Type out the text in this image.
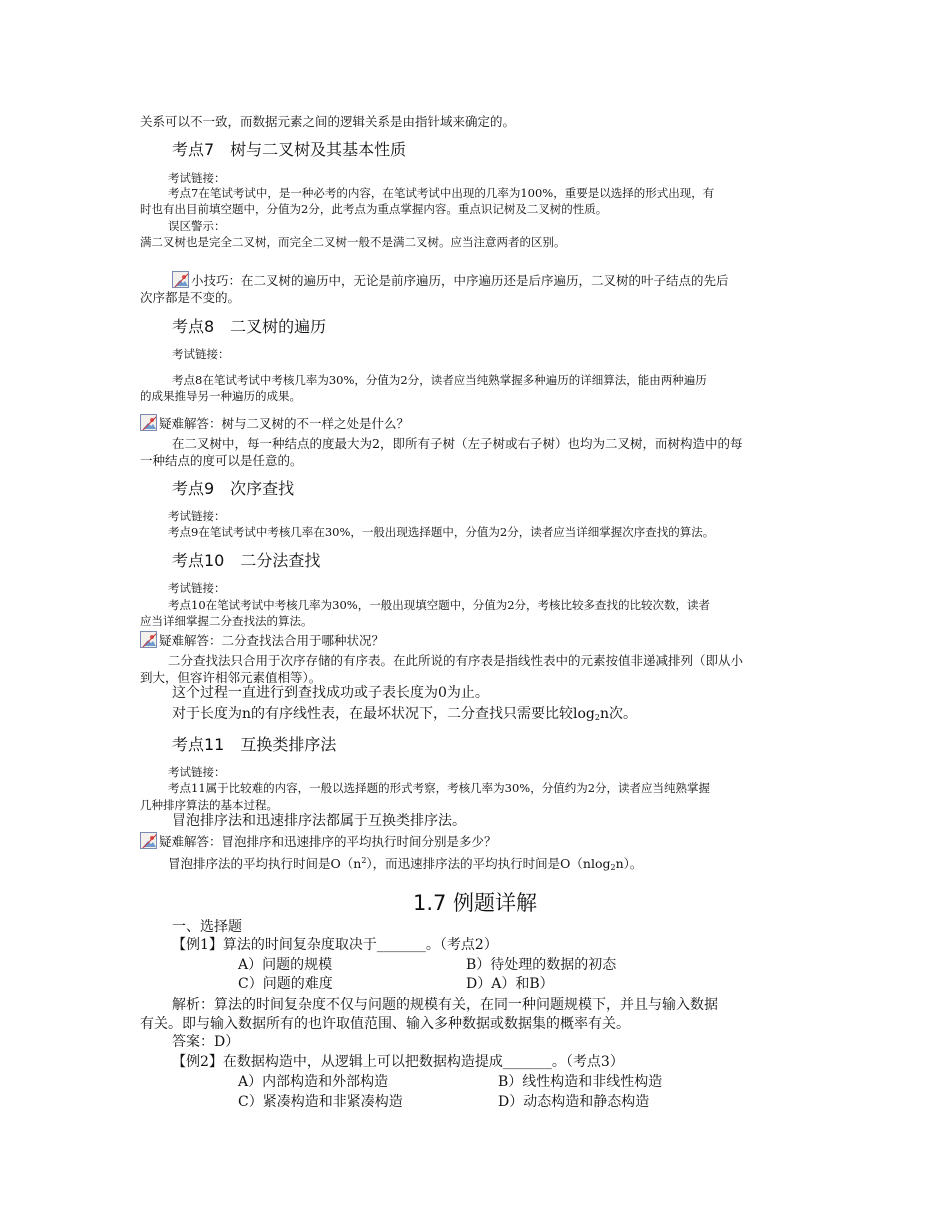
关系可以不一致，而数据元素之间的逻辑关系是由指针域来确定的。
考点7　树与二叉树及其基本性质
考试链接：
考点7在笔试考试中，是一种必考的内容，在笔试考试中出现的几率为100%，重要是以选择的形式出现，有
时也有出目前填空题中，分值为2分，此考点为重点掌握内容。重点识记树及二叉树的性质。
误区警示：
满二叉树也是完全二叉树，而完全二叉树一般不是满二叉树。应当注意两者的区别。
小技巧：在二叉树的遍历中，无论是前序遍历，中序遍历还是后序遍历，二叉树的叶子结点的先后
次序都是不变的。
考点8　二叉树的遍历
考试链接：
考点8在笔试考试中考核几率为30%，分值为2分，读者应当纯熟掌握多种遍历的详细算法，能由两种遍历
的成果推导另一种遍历的成果。
疑难解答：树与二叉树的不一样之处是什么？
在二叉树中，每一种结点的度最大为2，即所有子树（左子树或右子树）也均为二叉树，而树构造中的每
一种结点的度可以是任意的。
考点9　次序查找
考试链接：
考点9在笔试考试中考核几率在30%，一般出现选择题中，分值为2分，读者应当详细掌握次序查找的算法。
考点10　二分法查找
考试链接：
考点10在笔试考试中考核几率为30%，一般出现填空题中，分值为2分，考核比较多查找的比较次数，读者
应当详细掌握二分查找法的算法。
疑难解答：二分查找法合用于哪种状况？
二分查找法只合用于次序存储的有序表。在此所说的有序表是指线性表中的元素按值非递减排列（即从小
到大，但容许相邻元素值相等）。
这个过程一直进行到查找成功或子表长度为0为止。
对于长度为n的有序线性表，在最坏状况下，二分查找只需要比较$\log_2n$次。
考点11　互换类排序法
考试链接：
考点11属于比较难的内容，一般以选择题的形式考察，考核几率为30%，分值约为2分，读者应当纯熟掌握
几种排序算法的基本过程。
冒泡排序法和迅速排序法都属于互换类排序法。
疑难解答：冒泡排序和迅速排序的平均执行时间分别是多少？
冒泡排序法的平均执行时间是$O(n^2)$，而迅速排序法的平均执行时间是O（nlog$_2$n）。
1.7 例题详解
一、选择题
【例1】算法的时间复杂度取决于_______。（考点2）
A）问题的规模	B）待处理的数据的初态
C）问题的难度	D）A）和B）
解析：算法的时间复杂度不仅与问题的规模有关，在同一种问题规模下，并且与输入数据
有关。即与输入数据所有的也许取值范围、输入多种数据或数据集的概率有关。
答案：D）
【例2】在数据构造中，从逻辑上可以把数据构造提成_______。（考点3）
A）内部构造和外部构造	B）线性构造和非线性构造
C）紧凑构造和非紧凑构造	D）动态构造和静态构造
